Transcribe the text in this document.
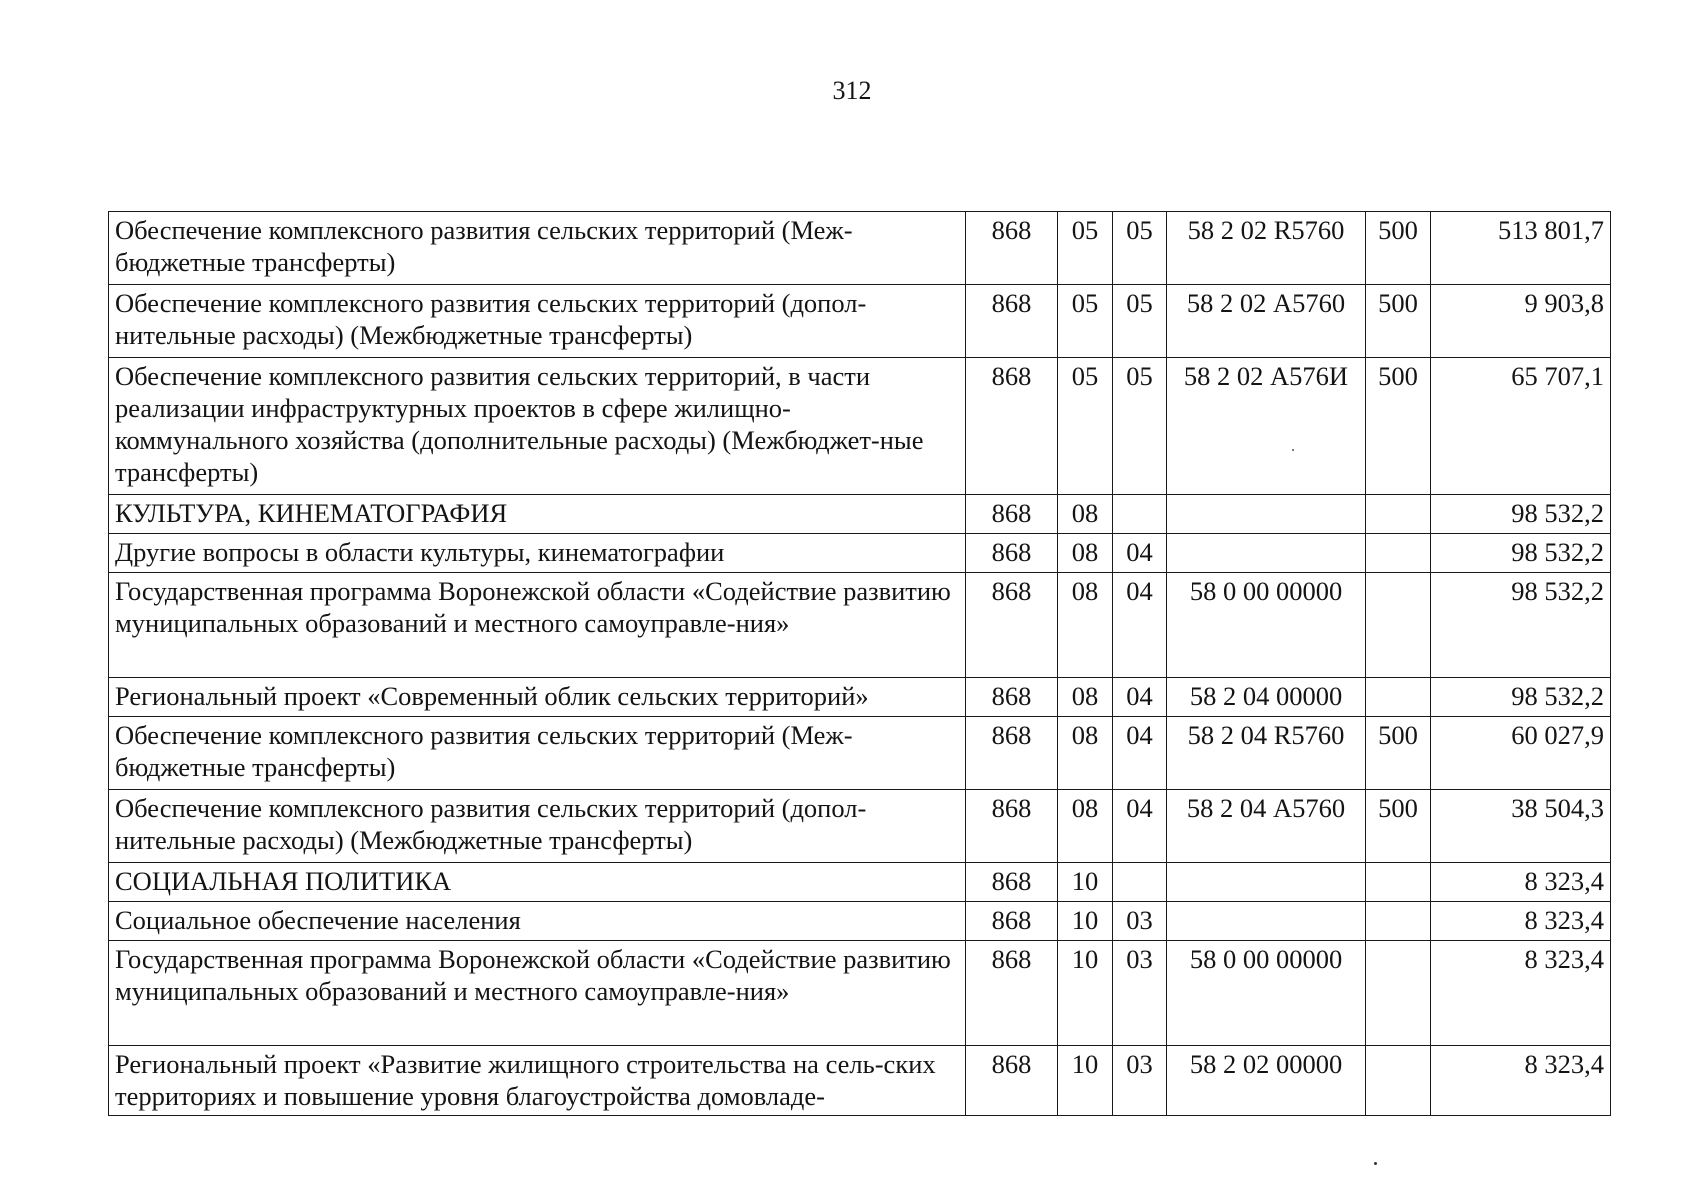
312
Обеспечение комплексного развития сельских территорий (Меж-бюджетные трансферты)	868	05	05	58 2 02 R5760	500	513 801,7
Обеспечение комплексного развития сельских территорий (допол-нительные расходы) (Межбюджетные трансферты)	868	05	05	58 2 02 А5760	500	9 903,8
Обеспечение комплексного развития сельских территорий, в части реализации инфраструктурных проектов в сфере жилищно-коммунального хозяйства (дополнительные расходы) (Межбюджет-ные трансферты)	868	05	05	58 2 02 А576И	500	65 707,1
КУЛЬТУРА, КИНЕМАТОГРАФИЯ	868	08				98 532,2
Другие вопросы в области культуры, кинематографии	868	08	04			98 532,2
Государственная программа Воронежской области «Содействие развитию муниципальных образований и местного самоуправле-ния»	868	08	04	58 0 00 00000		98 532,2
Региональный проект «Современный облик сельских территорий»	868	08	04	58 2 04 00000		98 532,2
Обеспечение комплексного развития сельских территорий (Меж-бюджетные трансферты)	868	08	04	58 2 04 R5760	500	60 027,9
Обеспечение комплексного развития сельских территорий (допол-нительные расходы) (Межбюджетные трансферты)	868	08	04	58 2 04 А5760	500	38 504,3
СОЦИАЛЬНАЯ ПОЛИТИКА	868	10				8 323,4
Социальное обеспечение населения	868	10	03			8 323,4
Государственная программа Воронежской области «Содействие развитию муниципальных образований и местного самоуправле-ния»	868	10	03	58 0 00 00000		8 323,4
Региональный проект «Развитие жилищного строительства на сель-ских территориях и повышение уровня благоустройства домовладе-	868	10	03	58 2 02 00000		8 323,4
